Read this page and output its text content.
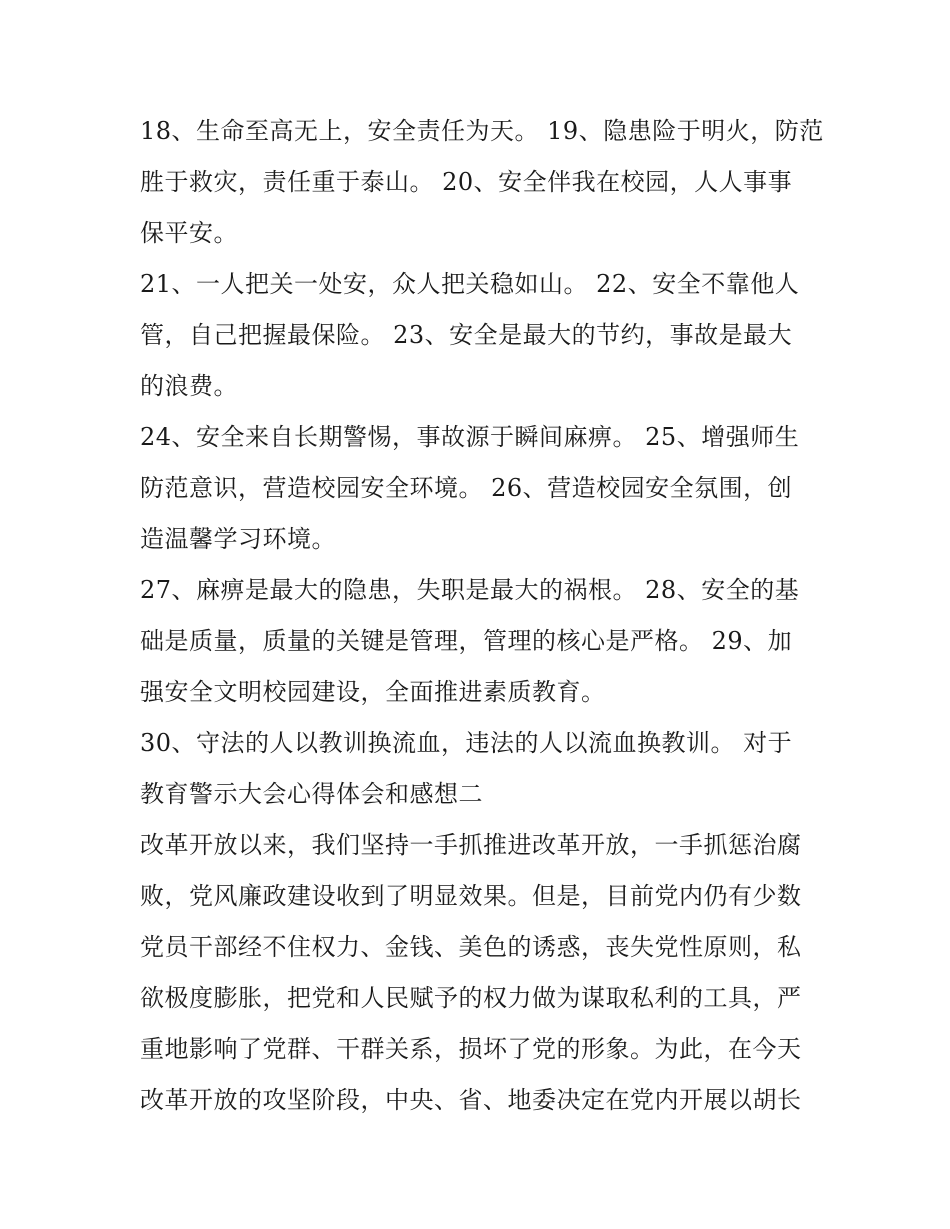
18、生命至高无上，安全责任为天。 19、隐患险于明火，防范
胜于救灾，责任重于泰山。 20、安全伴我在校园，人人事事
保平安。
21、一人把关一处安，众人把关稳如山。 22、安全不靠他人
管，自己把握最保险。 23、安全是最大的节约，事故是最大
的浪费。
24、安全来自长期警惕，事故源于瞬间麻痹。 25、增强师生
防范意识，营造校园安全环境。 26、营造校园安全氛围，创
造温馨学习环境。
27、麻痹是最大的隐患，失职是最大的祸根。 28、安全的基
础是质量，质量的关键是管理，管理的核心是严格。 29、加
强安全文明校园建设，全面推进素质教育。
30、守法的人以教训换流血，违法的人以流血换教训。 对于
教育警示大会心得体会和感想二
改革开放以来，我们坚持一手抓推进改革开放，一手抓惩治腐
败，党风廉政建设收到了明显效果。但是，目前党内仍有少数
党员干部经不住权力、金钱、美色的诱惑，丧失党性原则，私
欲极度膨胀，把党和人民赋予的权力做为谋取私利的工具，严
重地影响了党群、干群关系，损坏了党的形象。为此，在今天
改革开放的攻坚阶段，中央、省、地委决定在党内开展以胡长
